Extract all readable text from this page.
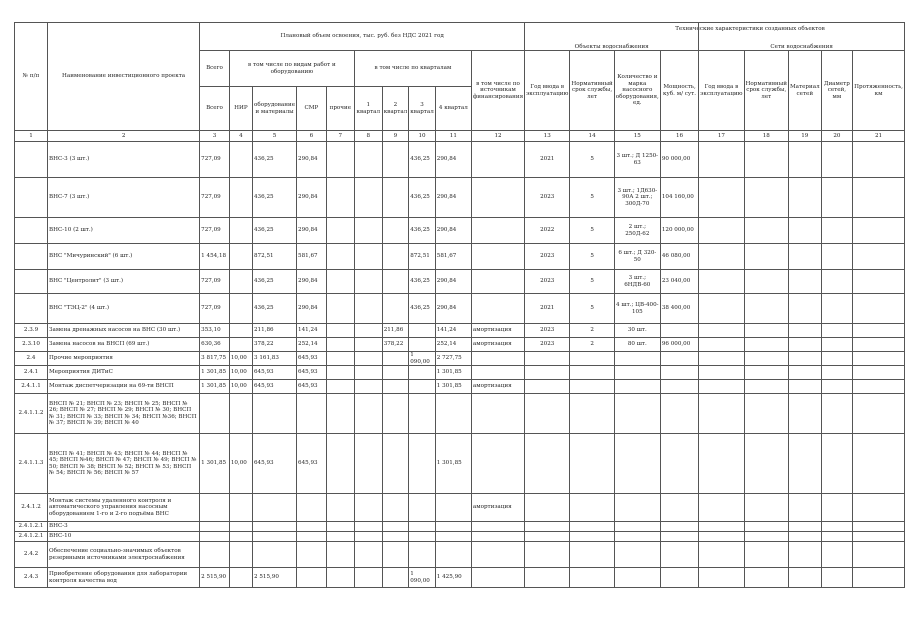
Технические характеристики созданных объектов
№ п/п	Наименование инвестиционного проекта	Плановый объем освоения, тыс. руб. без НДС 2021 год										Объекты водоснабжения				Сети водоснабжения				
		Всего	в том числе по видам работ и оборудованию				в том числе по кварталам				в том числе по источникам финансирования	Год ввода в эксплуатацию	Нормативный срок службы, лет	Количество и марка насосного оборудования, ед.	Мощность, куб. м/ сут.	Год ввода в эксплуатацию	Нормативный срок службы, лет	Материал сетей	Диаметр сетей, мм	Протяженность, км
		Всего	НИР	оборудование и материалы	СМР	прочие	1 квартал	2 квартал	3 квартал	4 квартал										
1	2	3	4	5	6	7	8	9	10	11	12	13	14	15	16	17	18	19	20	21
	ВНС-3 (3 шт.)	727,09		436,25	290,84				436,25	290,84		2021	5	3 шт.; Д 1250-63	90 000,00					
	ВНС-7 (3 шт.)	727,09		436,25	290,84				436,25	290,84		2023	5	3 шт.; 1Д630-90А 2 шт.; 300Д-70	104 160,00					
	ВНС-10 (2 шт.)	727,09		436,25	290,84				436,25	290,84		2022	5	2 шт.; 250Д-62	120 000,00					
	ВНС "Мичуринский" (6 шт.)	1 454,18		872,51	581,67				872,51	581,67		2023	5	6 шт.; Д 320-50	46 080,00					
	ВНС "Центролит" (3 шт.)	727,09		436,25	290,84				436,25	290,84		2023	5	3 шт.; 6НДВ-60	23 040,00					
	ВНС "ТЭЦ-2" (4 шт.)	727,09		436,25	290,84				436,25	290,84		2021	5	4 шт.; ЦВ-400-105	38 400,00					
2.3.9	Замена дренажных насосов на ВНС (30 шт.)	353,10		211,86	141,24			211,86		141,24	амортизация	2023	2	30 шт.						
2.3.10	Замена насосов на ВНСП (69 шт.)	630,36		378,22	252,14			378,22		252,14	амортизация	2023	2	80 шт.	96 000,00					
2.4	Прочие мероприятия	3 817,75	10,00	3 161,83	645,93				1 090,00	2 727,75										
2.4.1	Мероприятия ДИТиС	1 301,85	10,00	645,93	645,93					1 301,85										
2.4.1.1	Монтаж диспетчеризации на 69-ти ВНСП	1 301,85	10,00	645,93	645,93					1 301,85	амортизация									
2.4.1.1.2	ВНСП № 21; ВНСП № 23; ВНСП № 25; ВНСП № 26; ВНСП № 27; ВНСП № 29; ВНСП № 30; ВНСП № 31; ВНСП № 33; ВНСП № 34; ВНСП №36; ВНСП № 37; ВНСП № 39; ВНСП № 40																			
2.4.1.1.3	ВНСП № 41; ВНСП № 43; ВНСП № 44; ВНСП № 45; ВНСП №46; ВНСП № 47; ВНСП № 49; ВНСП № 50; ВНСП № 38; ВНСП № 52; ВНСП № 53; ВНСП № 54; ВНСП № 56; ВНСП № 57	1 301,85	10,00	645,93	645,93					1 301,85										
2.4.1.2	Монтаж системы удаленного контроля и автоматического управления насосным оборудованием 1-го и 2-го подъёма ВНС										амортизация									
2.4.1.2.1	ВНС-3																			
2.4.1.2.1	ВНС-10																			
2.4.2	Обеспечение социально-значимых объектов резервными источниками электроснабжения																			
2.4.3	Приобретение оборудования для лаборатории контроля качества вод	2 515,90		2 515,90					1 090,00	1 425,90										
